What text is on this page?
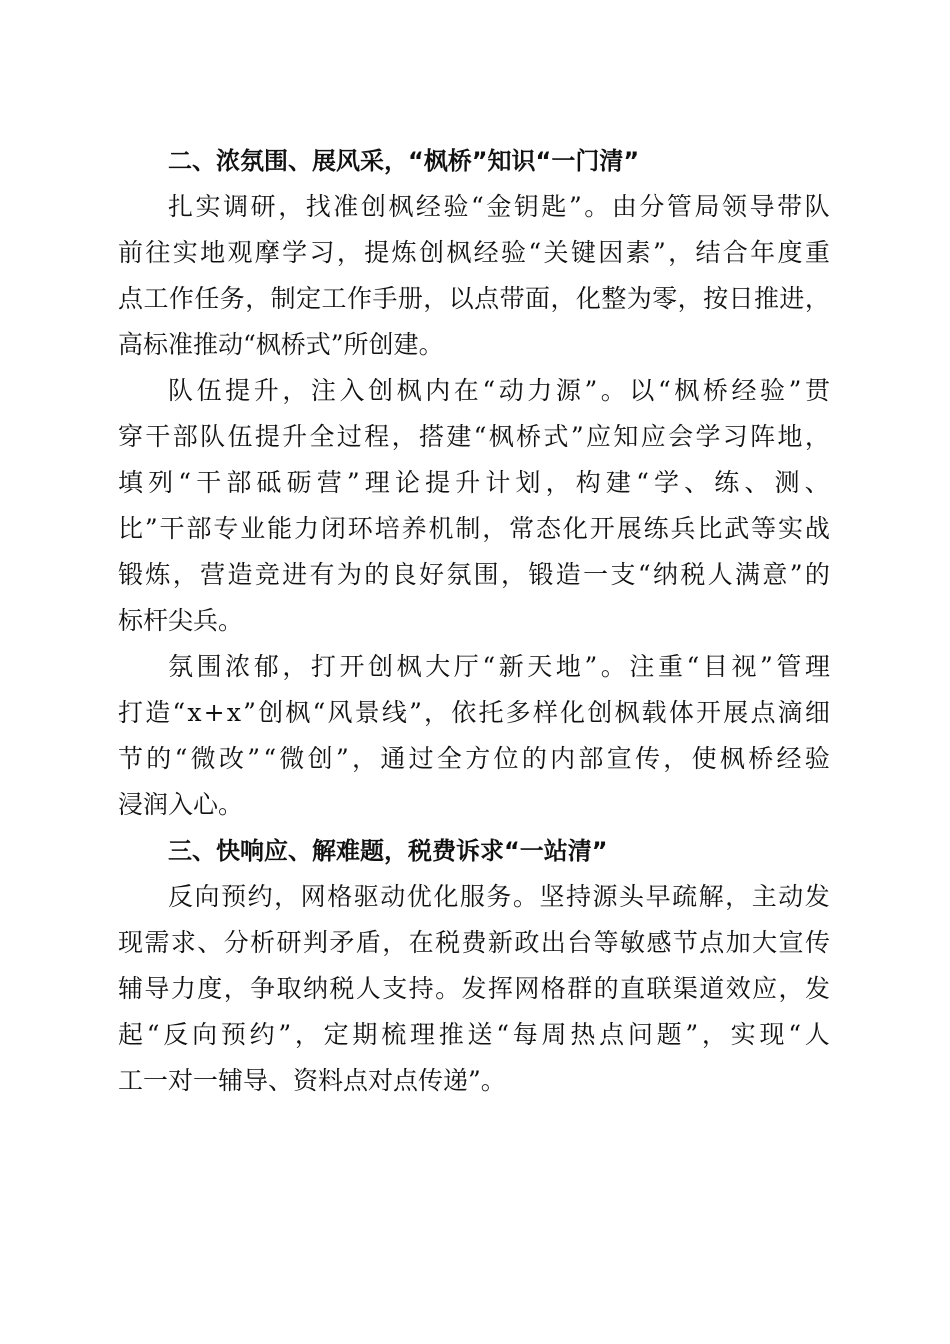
二、浓氛围、展风采，“枫桥”知识“一门清”
扎 实 调 研 ， 找 准 创 枫 经 验 “ 金 钥 匙 ” 。 由 分 管 局 领 导 带 队
前 往 实 地 观 摩 学 习 ， 提 炼 创 枫 经 验 “ 关 键 因 素 ” ， 结 合 年 度 重
点 工 作 任 务 ， 制 定 工 作 手 册 ， 以 点 带 面 ， 化 整 为 零 ， 按 日 推 进 ，
高标准推动“枫桥式”所创建。
队 伍 提 升 ， 注 入 创 枫 内 在 “ 动 力 源 ” 。 以 “ 枫 桥 经 验 ” 贯
穿 干 部 队 伍 提 升 全 过 程 ， 搭 建 “ 枫 桥 式 ” 应 知 应 会 学 习 阵 地 ，
填 列 “ 干 部 砥 砺 营 ” 理 论 提 升 计 划 ， 构 建 “ 学 、 练 、 测 、
比 ” 干 部 专 业 能 力 闭 环 培 养 机 制 ， 常 态 化 开 展 练 兵 比 武 等 实 战
锻 炼 ， 营 造 竞 进 有 为 的 良 好 氛 围 ， 锻 造 一 支 “ 纳 税 人 满 意 ” 的
标杆尖兵。
氛 围 浓 郁 ， 打 开 创 枫 大 厅 “ 新 天 地 ” 。 注 重 “ 目 视 ” 管 理
打 造 “ x + x ” 创 枫 “ 风 景 线 ” ， 依 托 多 样 化 创 枫 载 体 开 展 点 滴 细
节 的 “ 微 改 ” “ 微 创 ” ， 通 过 全 方 位 的 内 部 宣 传 ， 使 枫 桥 经 验
浸润入心。
三、快响应、解难题，税费诉求“一站清”
反 向 预 约 ， 网 格 驱 动 优 化 服 务 。 坚 持 源 头 早 疏 解 ， 主 动 发
现 需 求 、 分 析 研 判 矛 盾 ， 在 税 费 新 政 出 台 等 敏 感 节 点 加 大 宣 传
辅 导 力 度 ， 争 取 纳 税 人 支 持 。 发 挥 网 格 群 的 直 联 渠 道 效 应 ， 发
起 “ 反 向 预 约 ” ， 定 期 梳 理 推 送 “ 每 周 热 点 问 题 ” ， 实 现 “ 人
工一对一辅导、资料点对点传递”。
